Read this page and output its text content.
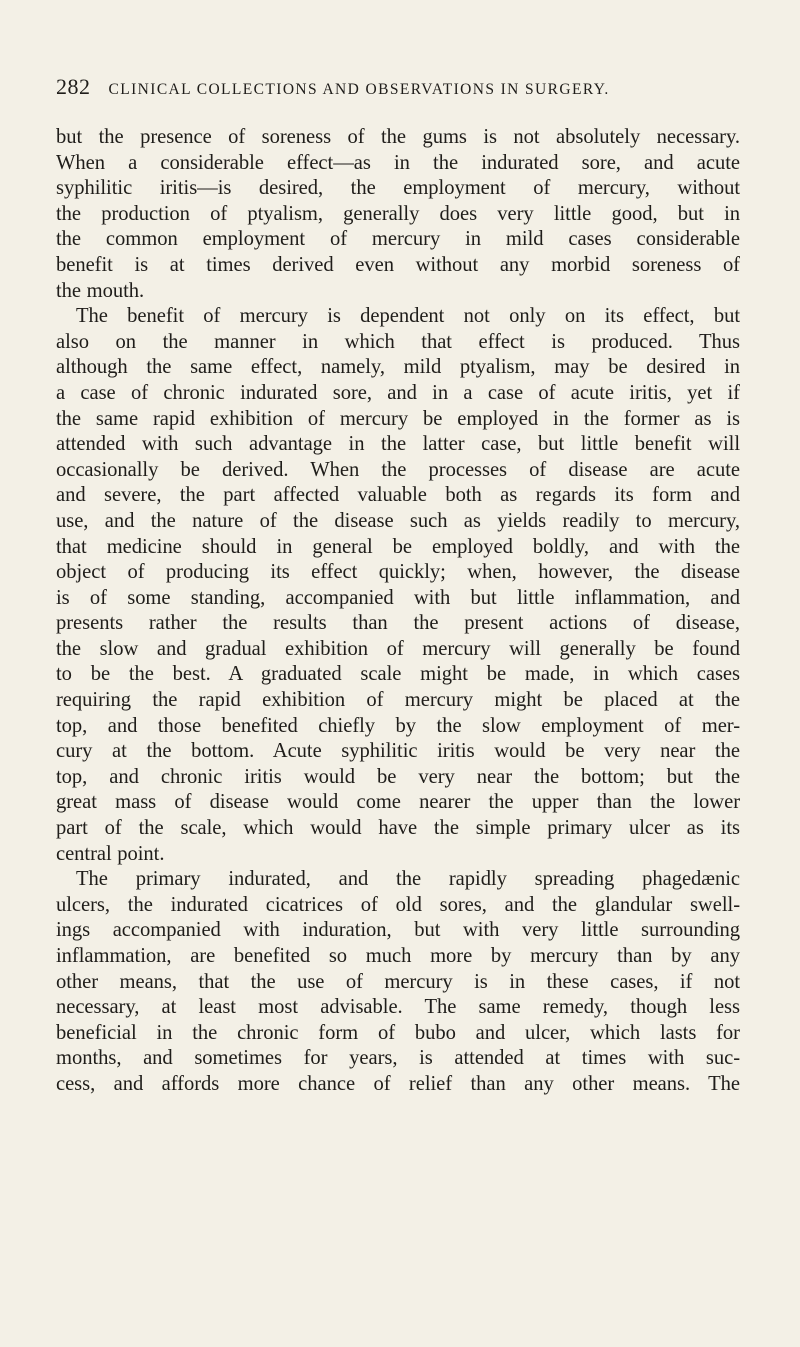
282 CLINICAL COLLECTIONS AND OBSERVATIONS IN SURGERY.
but the presence of soreness of the gums is not absolutely necessary.
When a considerable effect—as in the indurated sore, and acute
syphilitic iritis—is desired, the employment of mercury, without
the production of ptyalism, generally does very little good, but in
the common employment of mercury in mild cases considerable
benefit is at times derived even without any morbid soreness of
the mouth.
The benefit of mercury is dependent not only on its effect, but
also on the manner in which that effect is produced. Thus
although the same effect, namely, mild ptyalism, may be desired in
a case of chronic indurated sore, and in a case of acute iritis, yet if
the same rapid exhibition of mercury be employed in the former as is
attended with such advantage in the latter case, but little benefit will
occasionally be derived. When the processes of disease are acute
and severe, the part affected valuable both as regards its form and
use, and the nature of the disease such as yields readily to mercury,
that medicine should in general be employed boldly, and with the
object of producing its effect quickly; when, however, the disease
is of some standing, accompanied with but little inflammation, and
presents rather the results than the present actions of disease,
the slow and gradual exhibition of mercury will generally be found
to be the best. A graduated scale might be made, in which cases
requiring the rapid exhibition of mercury might be placed at the
top, and those benefited chiefly by the slow employment of mer-
cury at the bottom. Acute syphilitic iritis would be very near the
top, and chronic iritis would be very near the bottom; but the
great mass of disease would come nearer the upper than the lower
part of the scale, which would have the simple primary ulcer as its
central point.
The primary indurated, and the rapidly spreading phagedænic
ulcers, the indurated cicatrices of old sores, and the glandular swell-
ings accompanied with induration, but with very little surrounding
inflammation, are benefited so much more by mercury than by any
other means, that the use of mercury is in these cases, if not
necessary, at least most advisable. The same remedy, though less
beneficial in the chronic form of bubo and ulcer, which lasts for
months, and sometimes for years, is attended at times with suc-
cess, and affords more chance of relief than any other means. The
